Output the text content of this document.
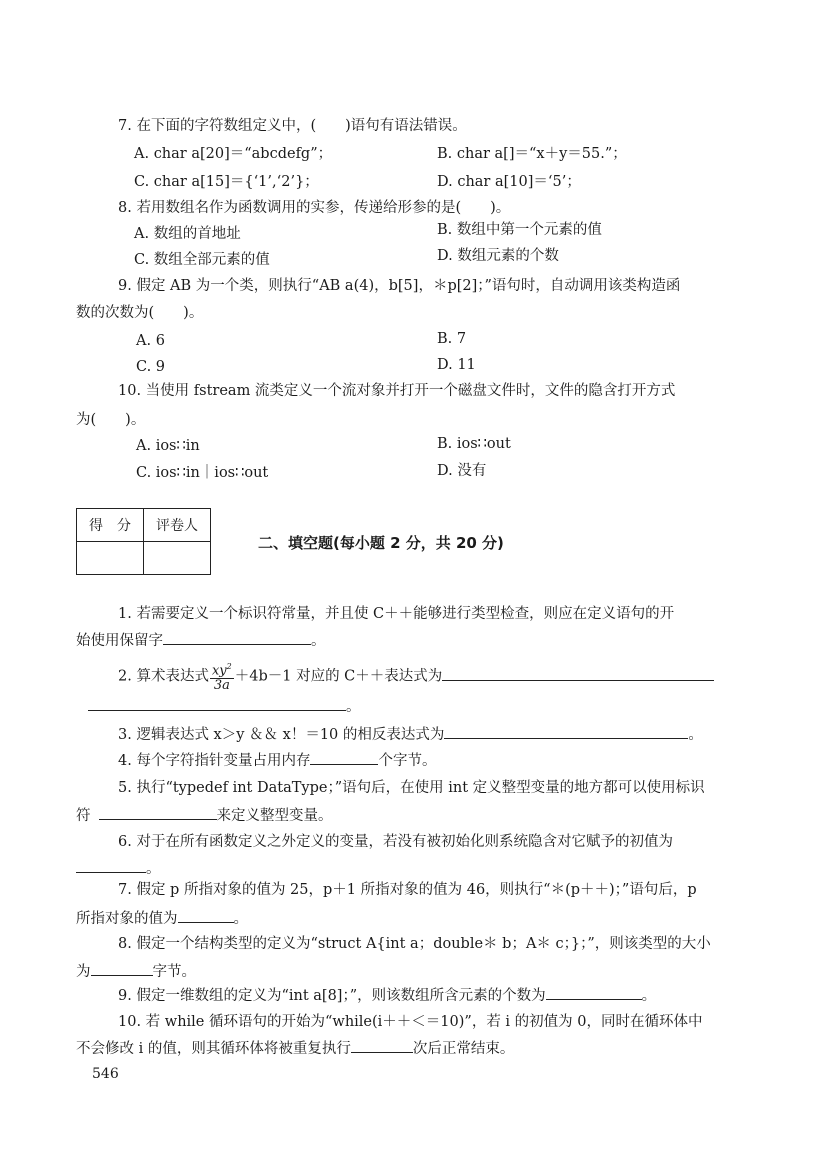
7. 在下面的字符数组定义中，(　　)语句有语法错误。
A. char a[20]＝“abcdefg”；	B. char a[]＝“x＋y＝55.”；
C. char a[15]＝{‘1’,‘2’}；	D. char a[10]＝‘5’；
8. 若用数组名作为函数调用的实参，传递给形参的是(　　)。
A. 数组的首地址	B. 数组中第一个元素的值
C. 数组全部元素的值	D. 数组元素的个数
9. 假定 AB 为一个类，则执行“AB a(4)，b[5]，＊p[2]；”语句时，自动调用该类构造函
数的次数为(　　)。
A. 6	B. 7
C. 9	D. 11
10. 当使用 fstream 流类定义一个流对象并打开一个磁盘文件时，文件的隐含打开方式
为(　　)。
A. ios∷in	B. ios∷out
C. ios∷in｜ios∷out	D. 没有
得　分	评卷人

二、填空题(每小题 2 分，共 20 分)
1. 若需要定义一个标识符常量，并且使 C＋＋能够进行类型检查，则应在定义语句的开
始使用保留字	。
2. 算术表达式 $\frac{xy^2}{3a} +4b-1$ 对应的 C＋＋表达式为
。
3. 逻辑表达式 x＞y ＆＆ x！＝10 的相反表达式为	。
4. 每个字符指针变量占用内存	个字节。
5. 执行“typedef int DataType；”语句后，在使用 int 定义整型变量的地方都可以使用标识
符	来定义整型变量。
6. 对于在所有函数定义之外定义的变量，若没有被初始化则系统隐含对它赋予的初值为
。
7. 假定 p 所指对象的值为 25，p＋1 所指对象的值为 46，则执行“＊(p＋＋)；”语句后，p
所指对象的值为	。
8. 假定一个结构类型的定义为“struct A{int a；double＊ b；A＊ c；}；”，则该类型的大小
为	字节。
9. 假定一维数组的定义为“int a[8]；”，则该数组所含元素的个数为	。
10. 若 while 循环语句的开始为“while(i＋＋＜＝10)”，若 i 的初值为 0，同时在循环体中
不会修改 i 的值，则其循环体将被重复执行	次后正常结束。
546
